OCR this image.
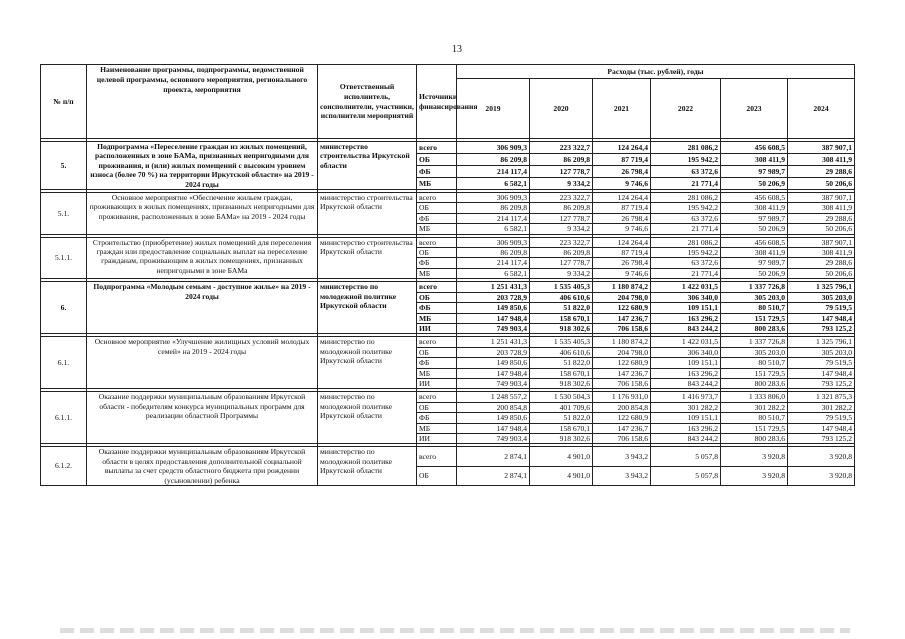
13
№ п/п	Наименование программы, подпрограммы, ведомственной целевой программы, основного мероприятия, регионального проекта, мероприятия	Ответственный исполнитель, соисполнители, участники, исполнители мероприятий	Источники финансирования	Расходы (тыс. рублей), годы					
				2019	2020	2021	2022	2023	2024

5.	Подпрограмма «Переселение граждан из жилых помещений, расположенных в зоне БАМа, признанных непригодными для проживания, и (или) жилых помещений с высоким уровнем износа (более 70 %) на территории Иркутской области» на 2019 - 2024 годы	министерство строительства Иркутской области	всего	306 909,3	223 322,7	124 264,4	281 086,2	456 608,5	387 907,1
			ОБ	86 209,8	86 209,8	87 719,4	195 942,2	308 411,9	308 411,9
			ФБ	214 117,4	127 778,7	26 798,4	63 372,6	97 989,7	29 288,6
			МБ	6 582,1	9 334,2	9 746,6	21 771,4	50 206,9	50 206,6

5.1.	Основное мероприятие «Обеспечение жильем граждан, проживающих в жилых помещениях, признанных непригодными для проживания, расположенных в зоне БАМа» на 2019 - 2024 годы	министерство строительства Иркутской области	всего	306 909,3	223 322,7	124 264,4	281 086,2	456 608,5	387 907,1
			ОБ	86 209,8	86 209,8	87 719,4	195 942,2	308 411,9	308 411,9
			ФБ	214 117,4	127 778,7	26 798,4	63 372,6	97 989,7	29 288,6
			МБ	6 582,1	9 334,2	9 746,6	21 771,4	50 206,9	50 206,6

5.1.1.	Строительство (приобретение) жилых помещений для переселения граждан или предоставление социальных выплат на переселение гражданам, проживающим в жилых помещениях, признанных непригодными в зоне БАМа	министерство строительства Иркутской области	всего	306 909,3	223 322,7	124 264,4	281 086,2	456 608,5	387 907,1
			ОБ	86 209,8	86 209,8	87 719,4	195 942,2	308 411,9	308 411,9
			ФБ	214 117,4	127 778,7	26 798,4	63 372,6	97 989,7	29 288,6
			МБ	6 582,1	9 334,2	9 746,6	21 771,4	50 206,9	50 206,6

6.	Подпрограмма «Молодым семьям - доступное жилье» на 2019 - 2024 годы	министерство по молодежной политике Иркутской области	всего	1 251 431,3	1 535 405,3	1 180 874,2	1 422 031,5	1 337 726,8	1 325 796,1
			ОБ	203 728,9	406 610,6	204 798,0	306 340,0	305 203,0	305 203,0
			ФБ	149 850,6	51 822,0	122 680,9	109 151,1	80 510,7	79 519,5
			МБ	147 948,4	158 670,1	147 236,7	163 296,2	151 729,5	147 948,4
			ИИ	749 903,4	918 302,6	706 158,6	843 244,2	800 283,6	793 125,2

6.1.	Основное мероприятие «Улучшение жилищных условий молодых семей» на 2019 - 2024 годы	министерство по молодежной политике Иркутской области	всего	1 251 431,3	1 535 405,3	1 180 874,2	1 422 031,5	1 337 726,8	1 325 796,1
			ОБ	203 728,9	406 610,6	204 798,0	306 340,0	305 203,0	305 203,0
			ФБ	149 850,6	51 822,0	122 680,9	109 151,1	80 510,7	79 519,5
			МБ	147 948,4	158 670,1	147 236,7	163 296,2	151 729,5	147 948,4
			ИИ	749 903,4	918 302,6	706 158,6	843 244,2	800 283,6	793 125,2

6.1.1.	Оказание поддержки муниципальным образованиям Иркутской области - победителям конкурса муниципальных программ для реализации областной Программы	министерство по молодежной политике Иркутской области	всего	1 248 557,2	1 530 504,3	1 176 931,0	1 416 973,7	1 333 806,0	1 321 875,3
			ОБ	200 854,8	401 709,6	200 854,8	301 282,2	301 282,2	301 282,2
			ФБ	149 850,6	51 822,0	122 680,9	109 151,1	80 510,7	79 519,5
			МБ	147 948,4	158 670,1	147 236,7	163 296,2	151 729,5	147 948,4
			ИИ	749 903,4	918 302,6	706 158,6	843 244,2	800 283,6	793 125,2

6.1.2.	Оказание поддержки муниципальным образованиям Иркутской области в целях предоставления дополнительной социальной выплаты за счет средств областного бюджета при рождении (усыновлении) ребенка	министерство по молодежной политике Иркутской области	всего	2 874,1	4 901,0	3 943,2	5 057,8	3 920,8	3 920,8
			ОБ	2 874,1	4 901,0	3 943,2	5 057,8	3 920,8	3 920,8
